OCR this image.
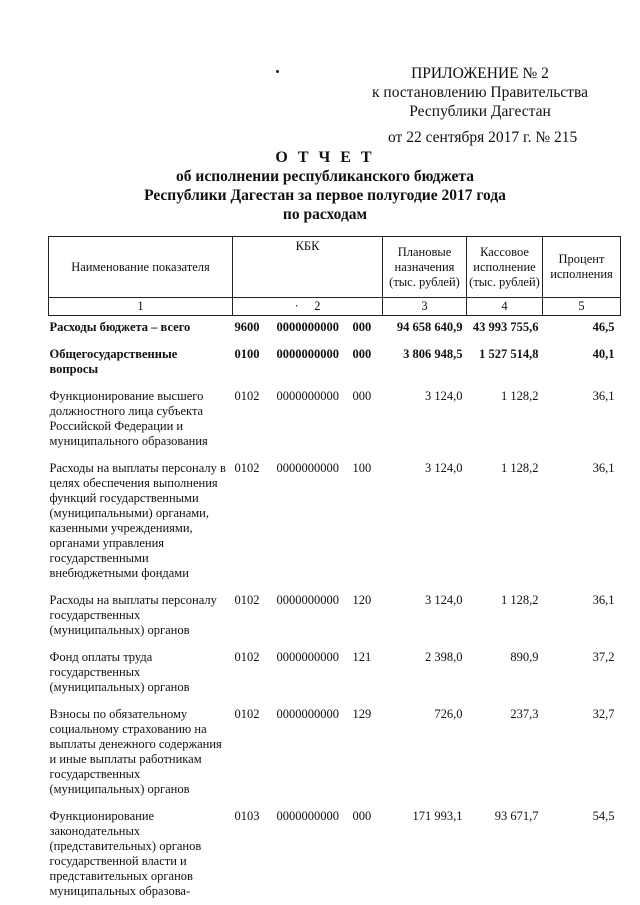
ПРИЛОЖЕНИЕ № 2
к постановлению Правительства
Республики Дагестан
от 22 сентября 2017 г. № 215
О Т Ч Е Т
об исполнении республиканского бюджета
Республики Дагестан за первое полугодие 2017 года
по расходам
Наименование показателя	КБК			Плановые назначения (тыс. рублей)	Кассовое исполнение (тыс. рублей)	Процент исполнения
1	· 2			3	4	5
Расходы бюджета – всего	9600	0000000000	000	94 658 640,9	43 993 755,6	46,5
Общегосударственные вопросы	0100	0000000000	000	3 806 948,5	1 527 514,8	40,1
Функционирование высшего должностного лица субъекта Российской Федерации и муниципального образования	0102	0000000000	000	3 124,0	1 128,2	36,1
Расходы на выплаты персоналу в целях обеспечения выполнения функций государственными (муниципальными) органами, казенными учреждениями, органами управления государственными внебюджетными фондами	0102	0000000000	100	3 124,0	1 128,2	36,1
Расходы на выплаты персоналу государственных (муниципальных) органов	0102	0000000000	120	3 124,0	1 128,2	36,1
Фонд оплаты труда государственных (муниципальных) органов	0102	0000000000	121	2 398,0	890,9	37,2
Взносы по обязательному социальному страхованию на выплаты денежного содержания и иные выплаты работникам государственных (муниципальных) органов	0102	0000000000	129	726,0	237,3	32,7
Функционирование законодательных (представительных) органов государственной власти и представительных органов муниципальных образова-	0103	0000000000	000	171 993,1	93 671,7	54,5
